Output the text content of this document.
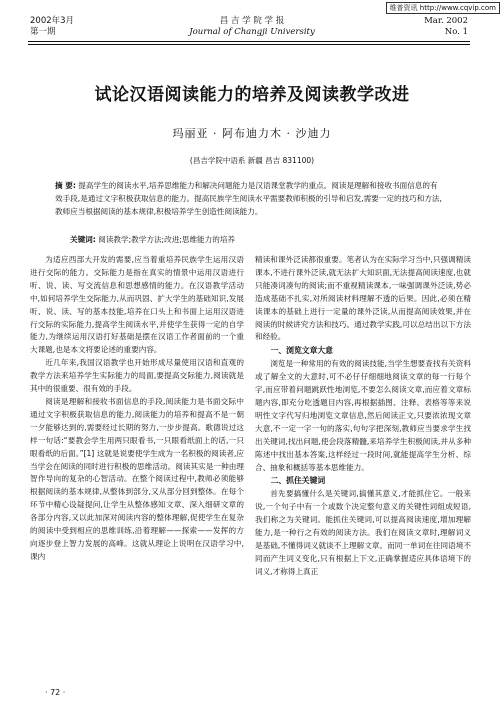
维普资讯 http://www.cqvip.com
2002年3月
第一期
昌 吉 学 院 学 报
Journal of Changji University
Mar. 2002
No. 1
试论汉语阅读能力的培养及阅读教学改进
玛丽亚 · 阿布迪力木 · 沙迪力
(昌吉学院中语系 新疆 昌吉 831100)
摘 要: 提高学生的阅读水平,培养思维能力和解决问题能力是汉语课堂教学的重点。阅读是理解和接收书面信息的有效手段,是通过文字积极获取信息的能力。提高民族学生阅读水平需要教师积极的引导和启发,需要一定的技巧和方法,教师应当根据阅读的基本规律,积极培养学生创造性阅读能力。
关键词: 阅读教学;教学方法;改进;思维能力的培养

为适应西部大开发的需要,应当着重培养民族学生运用汉语进行交际的能力。交际能力是指在真实的情景中运用汉语进行听、说、读、写交流信息和思想感情的能力。在汉语教学活动中,如何培养学生交际能力,从而巩固、扩大学生的基础知识,发展听、说、读、写的基本技能,培养在口头上和书面上运用汉语进行交际的实际能力,提高学生阅读水平,并使学生获得一定的自学能力,为继续运用汉语打好基础是摆在汉语工作者面前的一个重大课题,也是本文将要论述的重要内容。

近几年来,我国汉语教学也开始形成尽量使用汉语和直观的教学方法来培养学生实际能力的局面,要提高交际能力,阅读就是其中的很重要、很有效的手段。

阅读是理解和接收书面信息的手段,阅读能力是书面交际中通过文字积极获取信息的能力,阅读能力的培养和提高不是一朝一夕能够达到的,需要经过长期的努力,一步步提高。歌德说过这样一句话:“要教会学生用两只眼看书,一只眼看纸面上的话,一只眼看纸的后面。”[1] 这就是说要使学生成为一名积极的阅读者,应当学会在阅读的同时进行积极的思维活动。阅读其实是一种由理智作导向的复杂的心智活动。在整个阅读过程中,教师必须能够根据阅读的基本规律,从整体到部分,又从部分回到整体。在每个环节中精心设疑提问,让学生从整体感知文章、深入细研文章的各部分内容,又以此加深对阅读内容的整体理解,促使学生在复杂的阅读中受到相应的思维训练,沿着理解——探索——发挥的方向逐步登上智力发展的高峰。这就从理论上说明在汉语学习中,课内

精读和课外泛读都很重要。笔者认为在实际学习当中,只强调精读课本,不进行课外泛读,就无法扩大知识面,无法提高阅读速度,也就只能凑词凑句的阅读;而不重视精读课本,一味强调课外泛读,势必造成基础不扎实,对所阅读材料理解不透的后果。因此,必须在精读课本的基础上进行一定量的课外泛读,从而提高阅读效果,并在阅读的时候讲究方法和技巧。通过教学实践,可以总结出以下方法和经验。

一、浏览文章大意

浏览是一种常用的有效的阅读技能,当学生想要查找有关资料或了解全文的大意时,可不必仔仔细细地阅读文章的每一行每个字,而应带着问题跳跃性地浏览,不要怎么阅读文章,而应着文章标题内容,即充分吃透题目内容,再根据插图、注释、表格等等来说明性文字代写归地浏览文章信息,然后阅读正文,只要浓浓现文章大意,不一定一字一句的落实,句句字把深刻,教师应当要求学生找出关键词,找出问题,使会段落精髓,来培养学生积极阅读,并从多种陈述中找出基本答案,这样经过一段时间,就能提高学生分析、综合、抽象和概括等基本思维能力。

二、抓住关键词

首先要搞懂什么是关键词,搞懂其意义,才能抓住它。一般来说,一个句子中有一个或数个决定整句意义的关键性词组成短语,我们称之为关键词。能抓住关键词,可以提高阅读速度,增加理解能力,是一种行之有效的阅读方法。我们在阅读文章时,理解词义是基础,不懂得词义就谈不上理解文章。而同一单词在往同语境不同而产生词义变化,只有根据上下文,正确掌握适应具体语境下的词义,才称得上真正

· 72 ·
